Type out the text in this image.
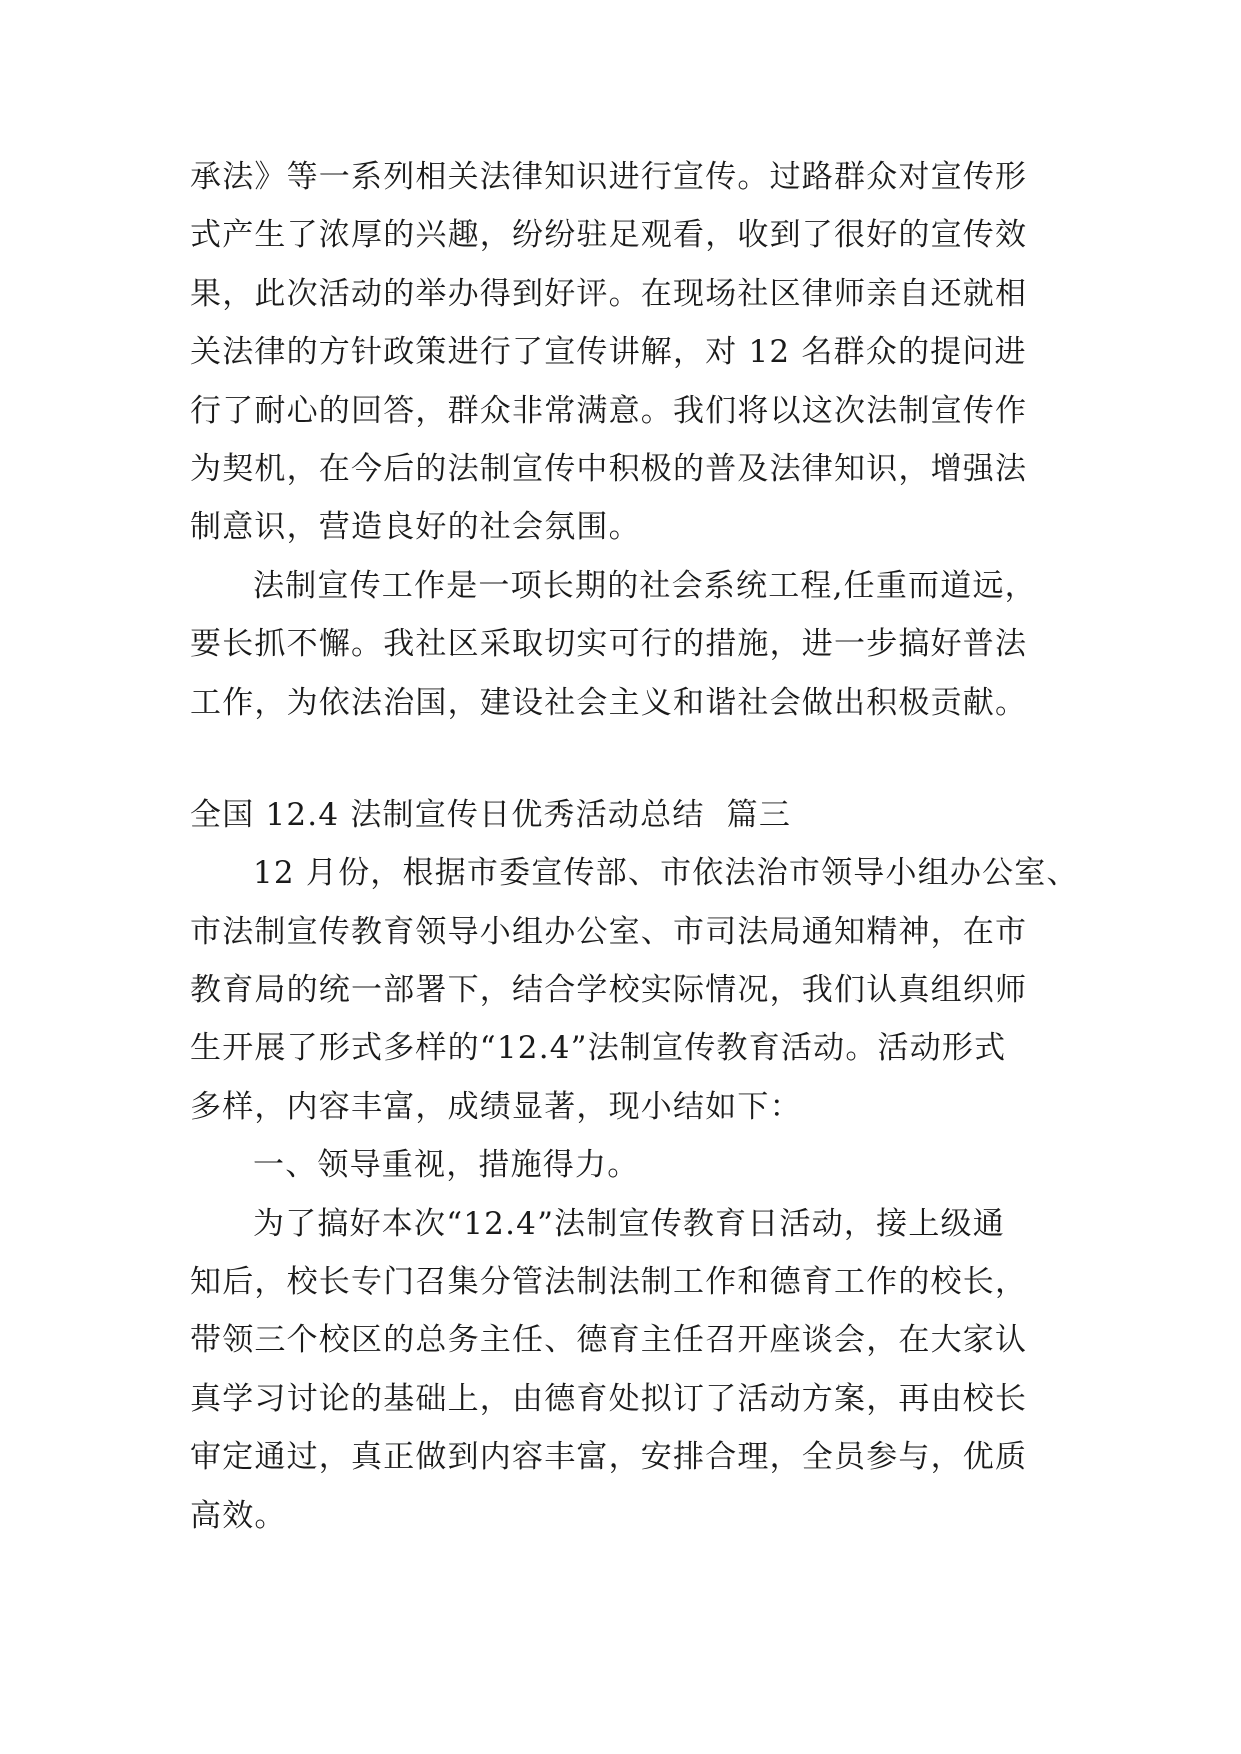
承法》等一系列相关法律知识进行宣传。过路群众对宣传形
式产生了浓厚的兴趣，纷纷驻足观看，收到了很好的宣传效
果，此次活动的举办得到好评。在现场社区律师亲自还就相
关法律的方针政策进行了宣传讲解，对 12 名群众的提问进
行了耐心的回答，群众非常满意。我们将以这次法制宣传作
为契机，在今后的法制宣传中积极的普及法律知识，增强法
制意识，营造良好的社会氛围。
法制宣传工作是一项长期的社会系统工程,任重而道远，
要长抓不懈。我社区采取切实可行的措施，进一步搞好普法
工作，为依法治国，建设社会主义和谐社会做出积极贡献。
全国 12.4 法制宣传日优秀活动总结  篇三
12 月份，根据市委宣传部、市依法治市领导小组办公室、
市法制宣传教育领导小组办公室、市司法局通知精神，在市
教育局的统一部署下，结合学校实际情况，我们认真组织师
生开展了形式多样的“12.4”法制宣传教育活动。活动形式
多样，内容丰富，成绩显著，现小结如下：
一、领导重视，措施得力。
为了搞好本次“12.4”法制宣传教育日活动，接上级通
知后，校长专门召集分管法制法制工作和德育工作的校长，
带领三个校区的总务主任、德育主任召开座谈会，在大家认
真学习讨论的基础上，由德育处拟订了活动方案，再由校长
审定通过，真正做到内容丰富，安排合理，全员参与，优质
高效。
